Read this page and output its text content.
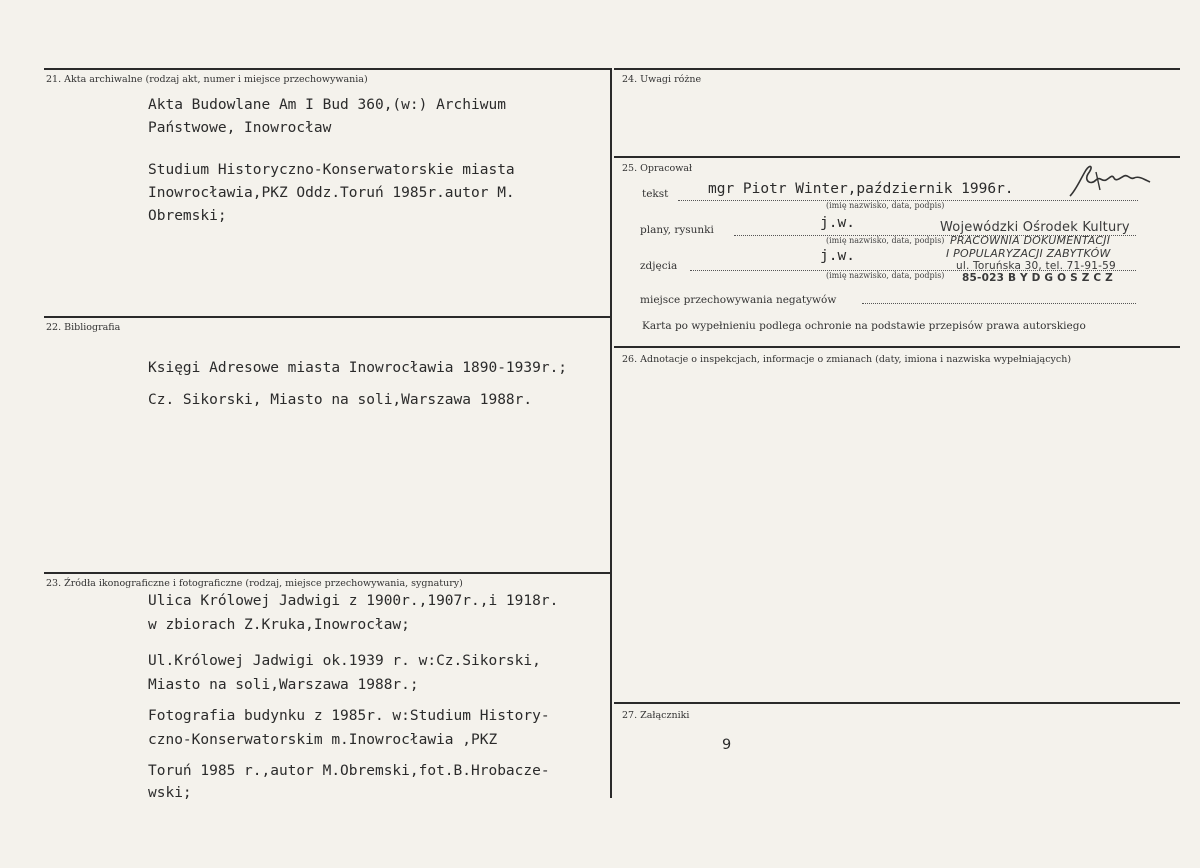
21. Akta archiwalne (rodzaj akt, numer i miejsce przechowywania)
Akta Budowlane Am I Bud 360,(w:) Archiwum
Państwowe, Inowrocław
Studium Historyczno-Konserwatorskie miasta
Inowrocławia,PKZ Oddz.Toruń 1985r.autor M.
Obremski;
22. Bibliografia
Księgi Adresowe miasta Inowrocławia 1890-1939r.;
Cz. Sikorski, Miasto na soli,Warszawa 1988r.
23. Źródła ikonograficzne i fotograficzne (rodzaj, miejsce przechowywania, sygnatury)
Ulica Królowej Jadwigi z 1900r.,1907r.,i 1918r.
w zbiorach Z.Kruka,Inowrocław;
Ul.Królowej Jadwigi ok.1939 r. w:Cz.Sikorski,
Miasto na soli,Warszawa 1988r.;
Fotografia budynku z 1985r. w:Studium History-
czno-Konserwatorskim m.Inowrocławia ,PKZ
Toruń 1985 r.,autor M.Obremski,fot.B.Hrobacze-
wski;
24. Uwagi różne
25. Opracował
tekst	mgr Piotr Winter,październik 1996r.
(imię nazwisko, data, podpis)
plany, rysunki	j.w.
(imię nazwisko, data, podpis)
zdjęcia
j.w.
(imię nazwisko, data, podpis)
miejsce przechowywania negatywów
Karta po wypełnieniu podlega ochronie na podstawie przepisów prawa autorskiego
Wojewódzki Ośrodek Kultury
PRACOWNIA DOKUMENTACJI
I POPULARYZACJI ZABYTKÓW
ul. Toruńska 30, tel. 71-91-59
85-023 B Y D G O S Z C Z
26. Adnotacje o inspekcjach, informacje o zmianach (daty, imiona i nazwiska wypełniających)
27. Załączniki
9
